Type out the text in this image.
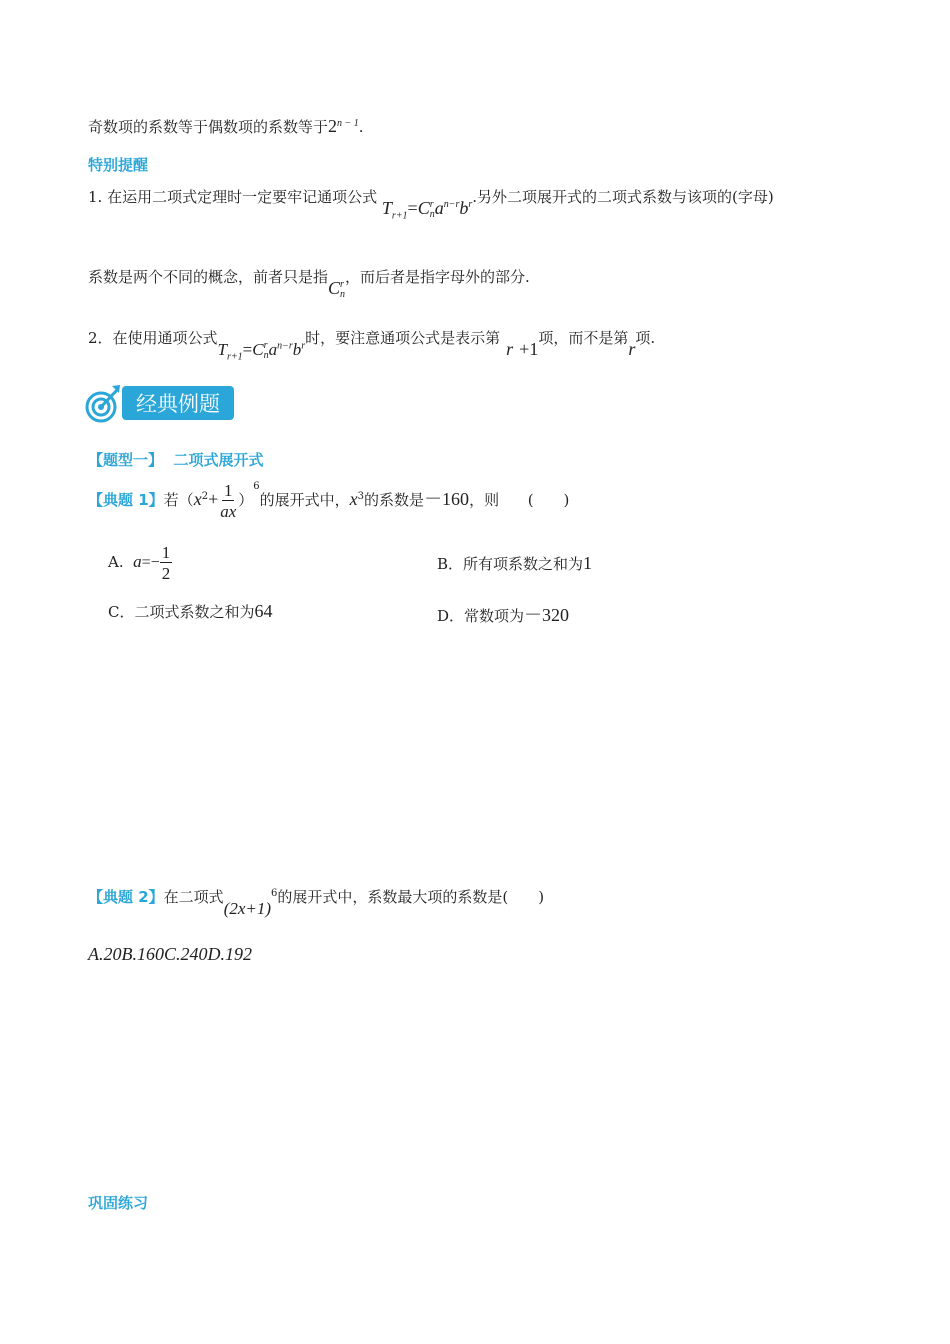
奇数项的系数等于偶数项的系数等于$2^{n - 1}$.
特别提醒
1. 在运用二项式定理时一定要牢记通项公式 $T_{r+1}=C$ r
n $a^{n-r}b^r$.另外二项展开式的二项式系数与该项的(字母)
系数是两个不同的概念，前者只是指C r
n
，而后者是指字母外的部分.
2．在使用通项公式$T_{r+1}=C$ r
n $a^{n-r}b^r$时，要注意通项公式是表示第r +1项，而不是第r项.
经典例题
【题型一】 二项式展开式
【典题 1】若$(x^2+ \frac{1}{ax} )^6$的展开式中，$x^3$的系数是－160，则 (　　)
A. $a=- \frac{1}{2}$	B．所有项系数之和为1
C．二项式系数之和为64	D．常数项为－320
【典题 2】在二项式$(2x+1)^6$的展开式中，系数最大项的系数是(　　)
A.20B.160C.240D.192
巩固练习
